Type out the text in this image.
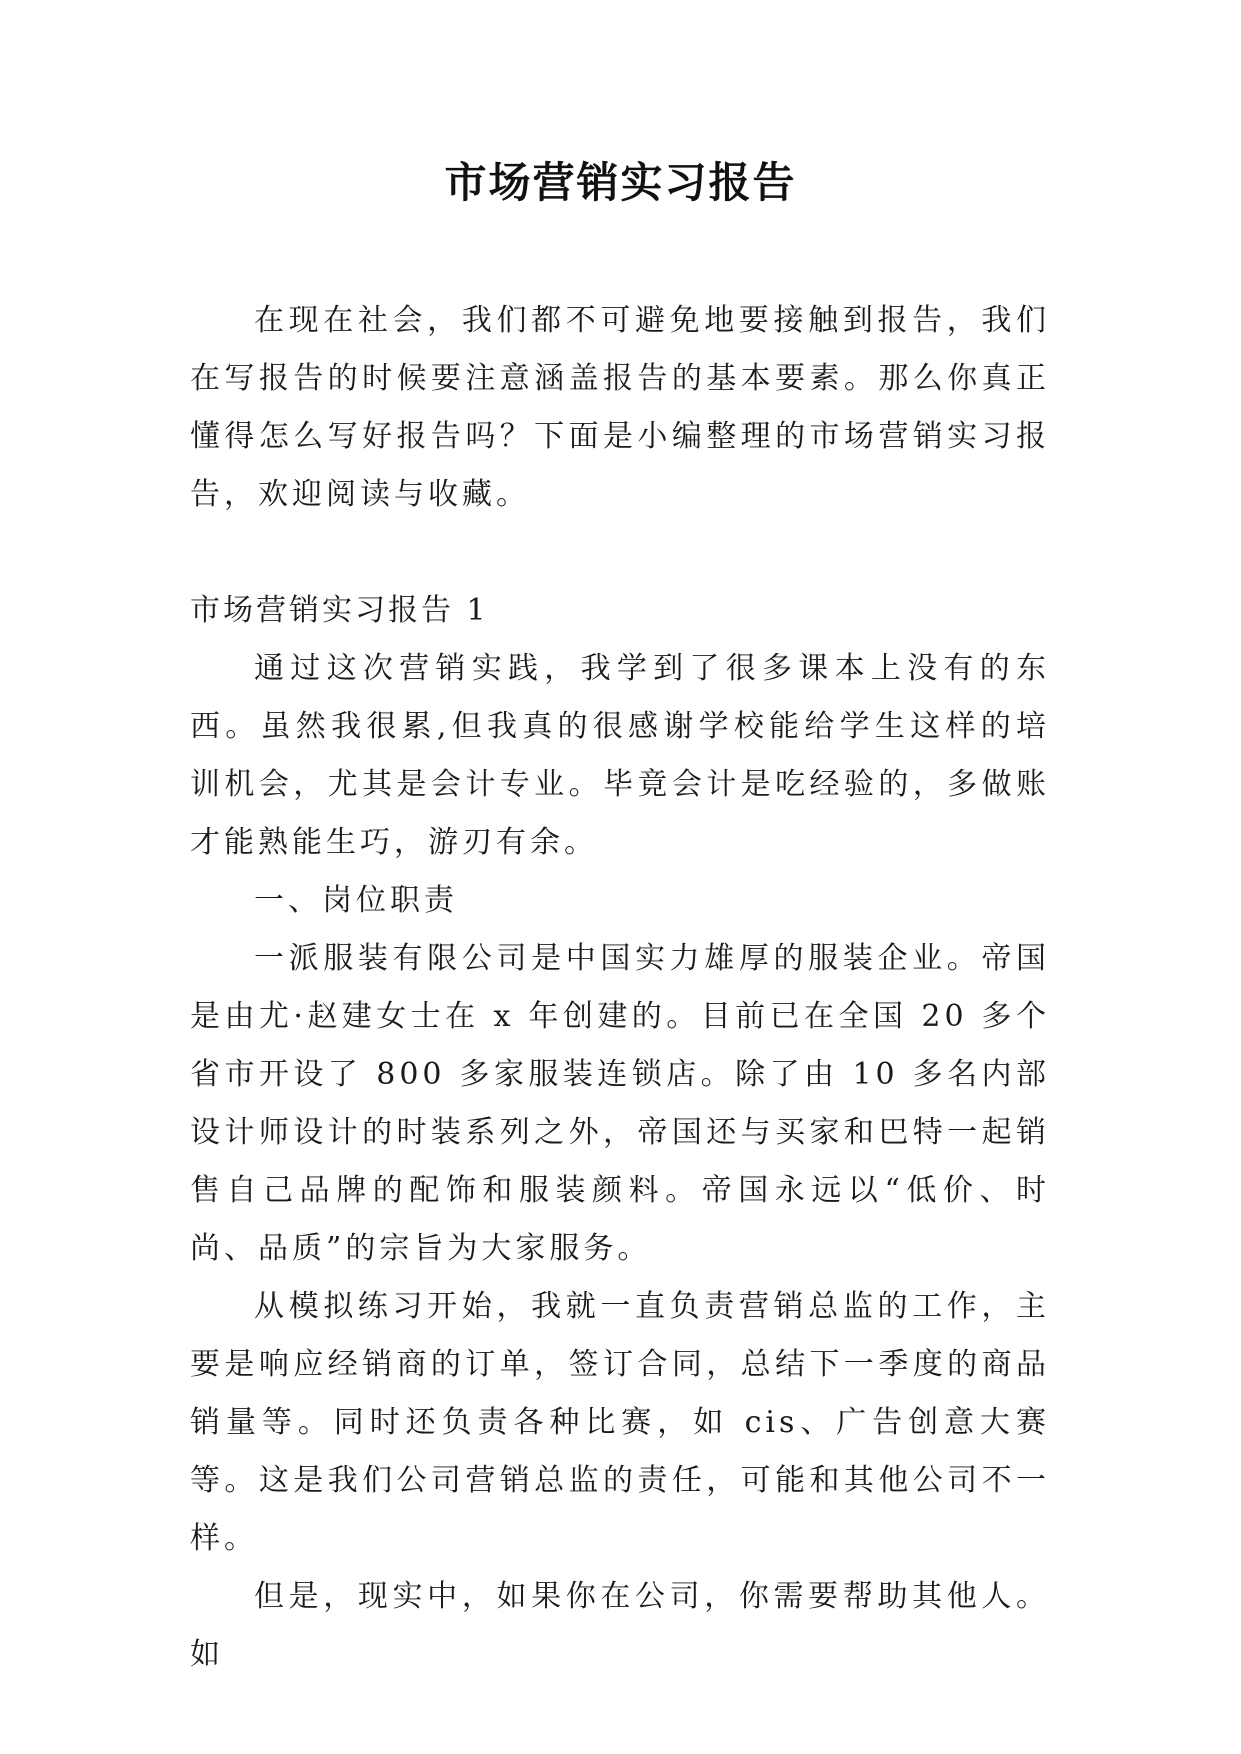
市场营销实习报告

在现在社会，我们都不可避免地要接触到报告，我们在写报告的时候要注意涵盖报告的基本要素。那么你真正懂得怎么写好报告吗？下面是小编整理的市场营销实习报告，欢迎阅读与收藏。

市场营销实习报告 1

通过这次营销实践，我学到了很多课本上没有的东西。虽然我很累,但我真的很感谢学校能给学生这样的培训机会，尤其是会计专业。毕竟会计是吃经验的，多做账才能熟能生巧，游刃有余。

一、岗位职责

一派服装有限公司是中国实力雄厚的服装企业。帝国是由尤·赵建女士在 x 年创建的。目前已在全国 20 多个省市开设了 800 多家服装连锁店。除了由 10 多名内部设计师设计的时装系列之外，帝国还与买家和巴特一起销售自己品牌的配饰和服装颜料。帝国永远以“低价、时尚、品质”的宗旨为大家服务。

从模拟练习开始，我就一直负责营销总监的工作，主要是响应经销商的订单，签订合同，总结下一季度的商品销量等。同时还负责各种比赛，如 cis、广告创意大赛等。这是我们公司营销总监的责任，可能和其他公司不一样。

但是，现实中，如果你在公司，你需要帮助其他人。如
